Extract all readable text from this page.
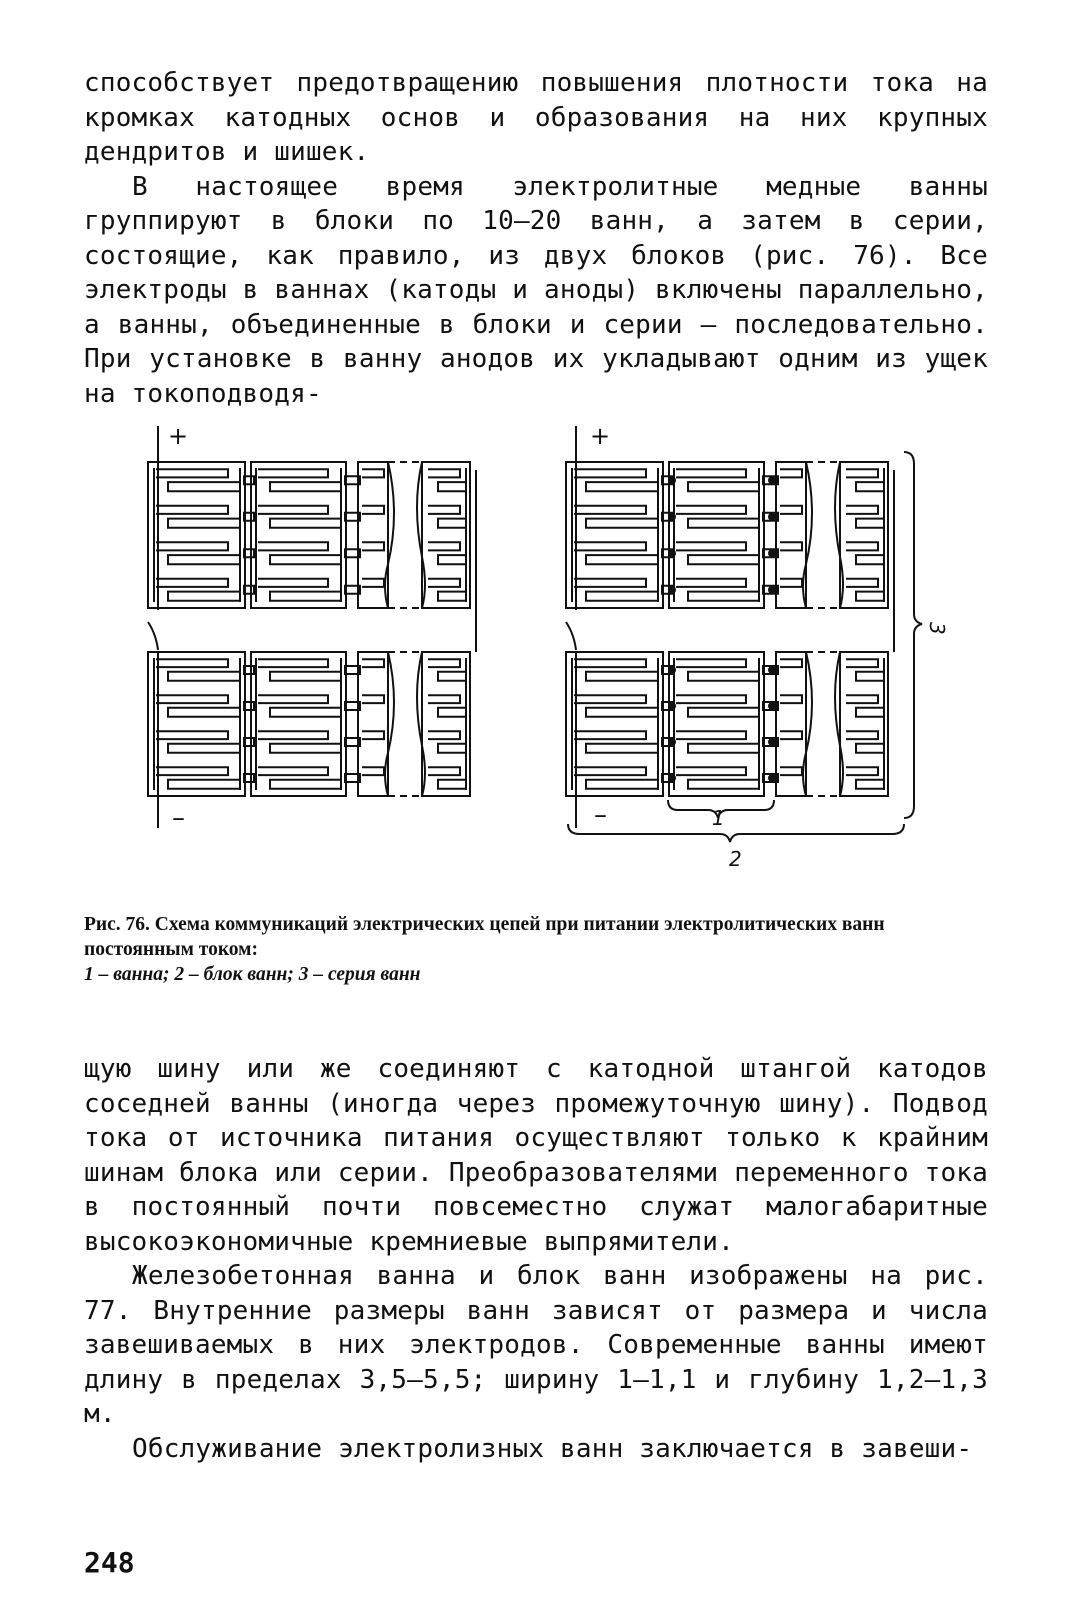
способствует предотвращению повышения плотности тока на кромках катодных основ и образования на них крупных дендритов и шишек.

В настоящее время электролитные медные ванны группируют в блоки по 10–20 ванн, а затем в серии, состоящие, как правило, из двух блоков (рис. 76). Все электроды в ваннах (катоды и аноды) включены параллельно, а ванны, объединенные в блоки и серии – последовательно. При установке в ванну анодов их укладывают одним из ущек на токоподводя-

+
–
+
–	1
2
3
Рис. 76. Схема коммуникаций электрических цепей при питании электролитических ванн постоянным током:
1 – ванна; 2 – блок ванн; 3 – серия ванн

щую шину или же соединяют с катодной штангой катодов соседней ванны (иногда через промежуточную шину). Подвод тока от источника питания осуществляют только к крайним шинам блока или серии. Преобразователями переменного тока в постоянный почти повсеместно служат малогабаритные высокоэкономичные кремниевые выпрямители.

Железобетонная ванна и блок ванн изображены на рис. 77. Внутренние размеры ванн зависят от размера и числа завешиваемых в них электродов. Современные ванны имеют длину в пределах 3,5–5,5; ширину 1–1,1 и глубину 1,2–1,3 м.

Обслуживание электролизных ванн заключается в завеши-

248
